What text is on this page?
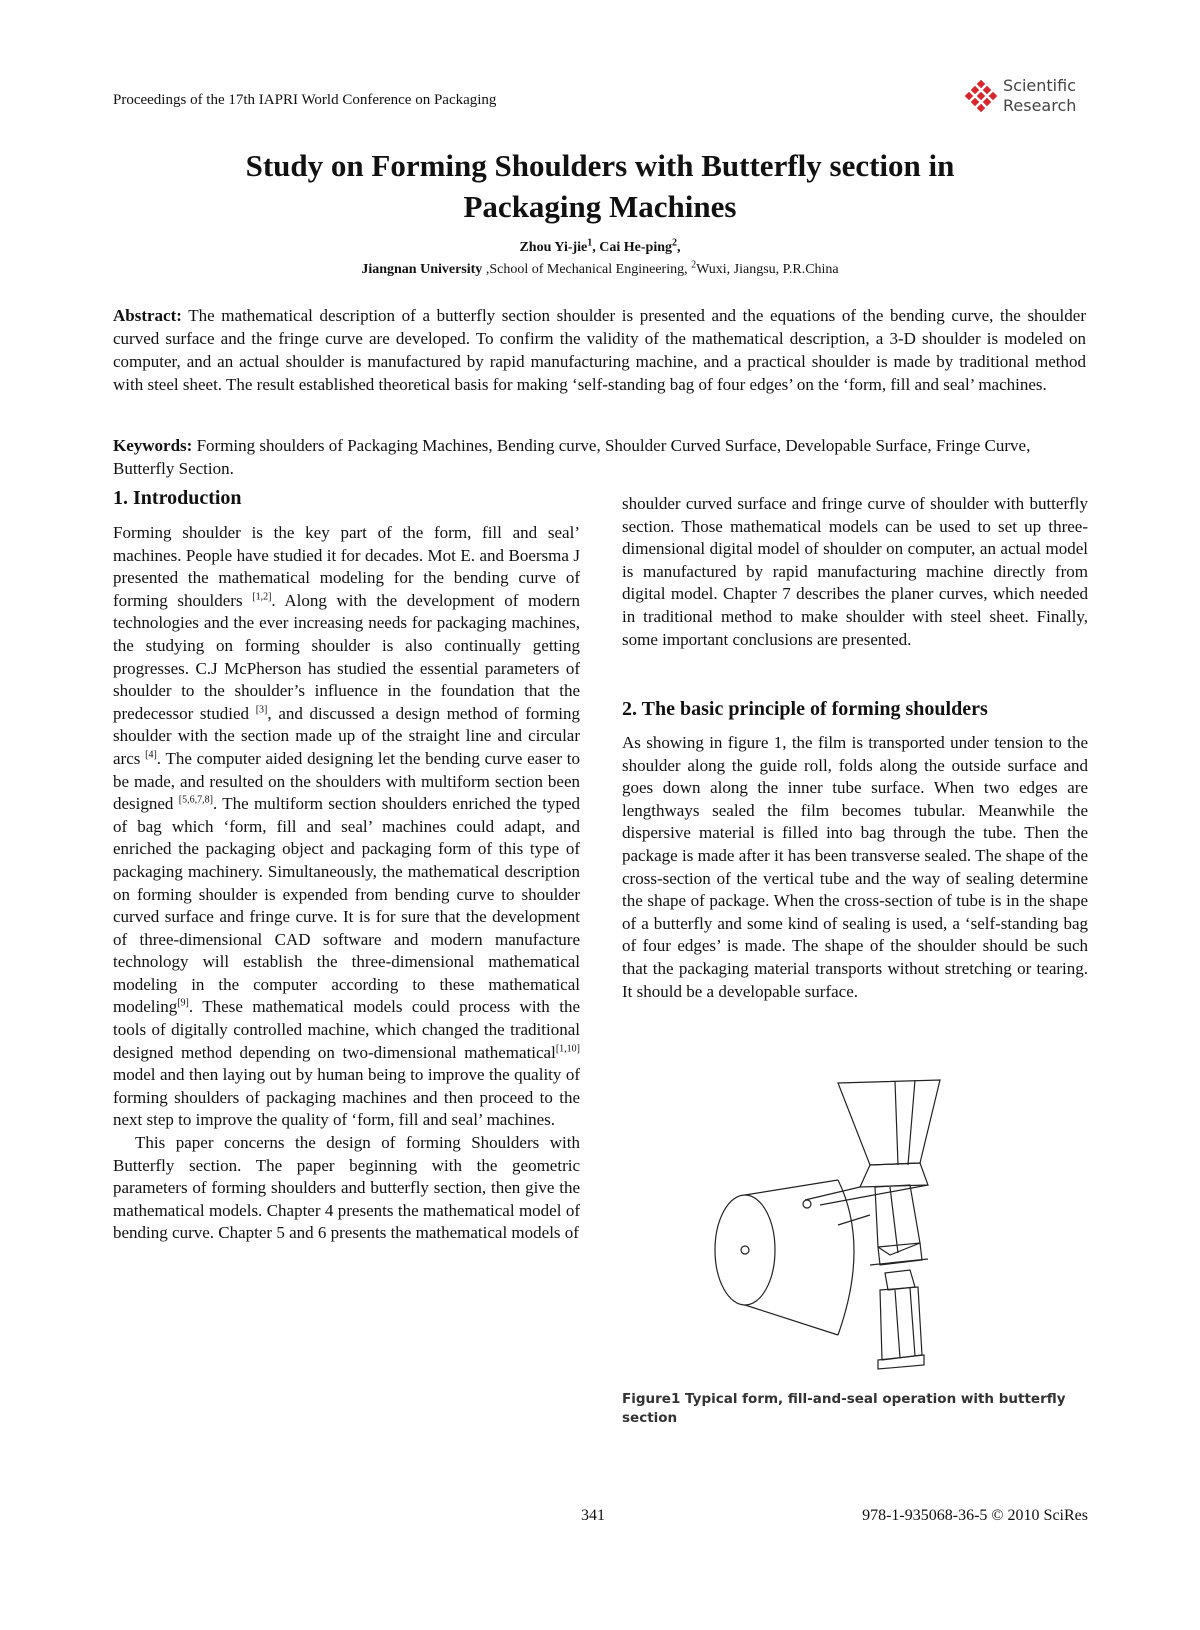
Proceedings of the 17th IAPRI World Conference on Packaging
Scientific
Research
Study on Forming Shoulders with Butterfly section in
Packaging Machines
Zhou Yi-jie$^1$, Cai He-ping$^2$,
Jiangnan University ,School of Mechanical Engineering, $^2$Wuxi, Jiangsu, P.R.China
Abstract: The mathematical description of a butterfly section shoulder is presented and the equations of the bending curve, the shoulder curved surface and the fringe curve are developed. To confirm the validity of the mathematical description, a 3-D shoulder is modeled on computer, and an actual shoulder is manufactured by rapid manufacturing machine, and a practical shoulder is made by traditional method with steel sheet. The result established theoretical basis for making ‘self-standing bag of four edges’ on the ‘form, fill and seal’ machines.
Keywords: Forming shoulders of Packaging Machines, Bending curve, Shoulder Curved Surface, Developable Surface, Fringe Curve, Butterfly Section.
1. Introduction

Forming shoulder is the key part of the form, fill and seal’ machines. People have studied it for decades. Mot E. and Boersma J presented the mathematical modeling for the bending curve of forming shoulders [1,2]. Along with the development of modern technologies and the ever increasing needs for packaging machines, the studying on forming shoulder is also continually getting progresses. C.J McPherson has studied the essential parameters of shoulder to the shoulder’s influence in the foundation that the predecessor studied [3], and discussed a design method of forming shoulder with the section made up of the straight line and circular arcs [4]. The computer aided designing let the bending curve easer to be made, and resulted on the shoulders with multiform section been designed [5,6,7,8]. The multiform section shoulders enriched the typed of bag which ‘form, fill and seal’ machines could adapt, and enriched the packaging object and packaging form of this type of packaging machinery. Simultaneously, the mathematical description on forming shoulder is expended from bending curve to shoulder curved surface and fringe curve. It is for sure that the development of three-dimensional CAD software and modern manufacture technology will establish the three-dimensional mathematical modeling in the computer according to these mathematical modeling[9]. These mathematical models could process with the tools of digitally controlled machine, which changed the traditional designed method depending on two-dimensional mathematical[1,10] model and then laying out by human being to improve the quality of forming shoulders of packaging machines and then proceed to the next step to improve the quality of ‘form, fill and seal’ machines.

This paper concerns the design of forming Shoulders with Butterfly section. The paper beginning with the geometric parameters of forming shoulders and butterfly section, then give the mathematical models. Chapter 4 presents the mathematical model of bending curve. Chapter 5 and 6 presents the mathematical models of

shoulder curved surface and fringe curve of shoulder with butterfly section. Those mathematical models can be used to set up three-dimensional digital model of shoulder on computer, an actual model is manufactured by rapid manufacturing machine directly from digital model. Chapter 7 describes the planer curves, which needed in traditional method to make shoulder with steel sheet. Finally, some important conclusions are presented.

2. The basic principle of forming shoulders

As showing in figure 1, the film is transported under tension to the shoulder along the guide roll, folds along the outside surface and goes down along the inner tube surface. When two edges are lengthways sealed the film becomes tubular. Meanwhile the dispersive material is filled into bag through the tube. Then the package is made after it has been transverse sealed. The shape of the cross-section of the vertical tube and the way of sealing determine the shape of package. When the cross-section of tube is in the shape of a butterfly and some kind of sealing is used, a ‘self-standing bag of four edges’ is made. The shape of the shoulder should be such that the packaging material transports without stretching or tearing. It should be a developable surface.

Figure1 Typical form, fill-and-seal operation with butterfly section
341	978-1-935068-36-5 © 2010 SciRes
